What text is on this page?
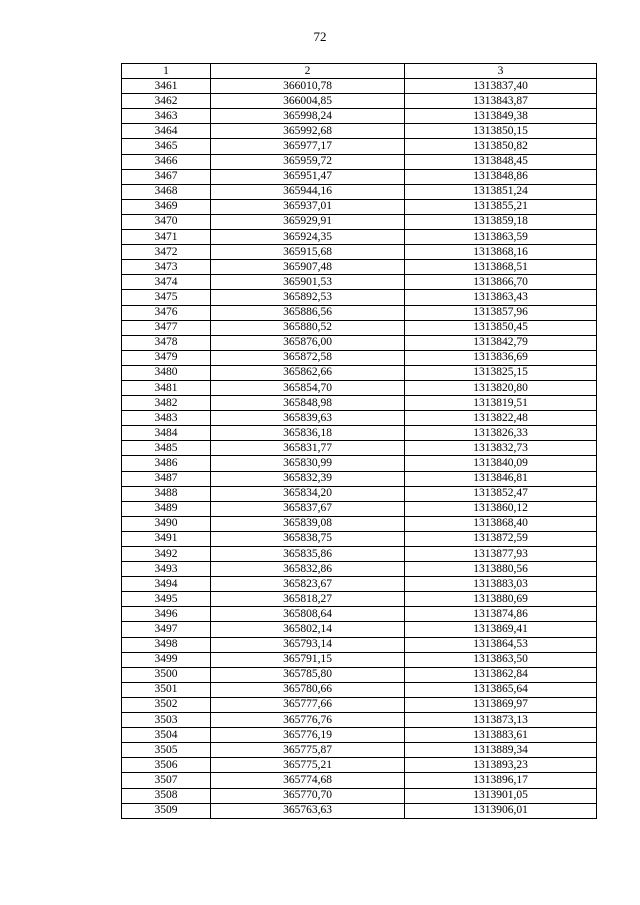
72
1	2	3
3461	366010,78	1313837,40
3462	366004,85	1313843,87
3463	365998,24	1313849,38
3464	365992,68	1313850,15
3465	365977,17	1313850,82
3466	365959,72	1313848,45
3467	365951,47	1313848,86
3468	365944,16	1313851,24
3469	365937,01	1313855,21
3470	365929,91	1313859,18
3471	365924,35	1313863,59
3472	365915,68	1313868,16
3473	365907,48	1313868,51
3474	365901,53	1313866,70
3475	365892,53	1313863,43
3476	365886,56	1313857,96
3477	365880,52	1313850,45
3478	365876,00	1313842,79
3479	365872,58	1313836,69
3480	365862,66	1313825,15
3481	365854,70	1313820,80
3482	365848,98	1313819,51
3483	365839,63	1313822,48
3484	365836,18	1313826,33
3485	365831,77	1313832,73
3486	365830,99	1313840,09
3487	365832,39	1313846,81
3488	365834,20	1313852,47
3489	365837,67	1313860,12
3490	365839,08	1313868,40
3491	365838,75	1313872,59
3492	365835,86	1313877,93
3493	365832,86	1313880,56
3494	365823,67	1313883,03
3495	365818,27	1313880,69
3496	365808,64	1313874,86
3497	365802,14	1313869,41
3498	365793,14	1313864,53
3499	365791,15	1313863,50
3500	365785,80	1313862,84
3501	365780,66	1313865,64
3502	365777,66	1313869,97
3503	365776,76	1313873,13
3504	365776,19	1313883,61
3505	365775,87	1313889,34
3506	365775,21	1313893,23
3507	365774,68	1313896,17
3508	365770,70	1313901,05
3509	365763,63	1313906,01
